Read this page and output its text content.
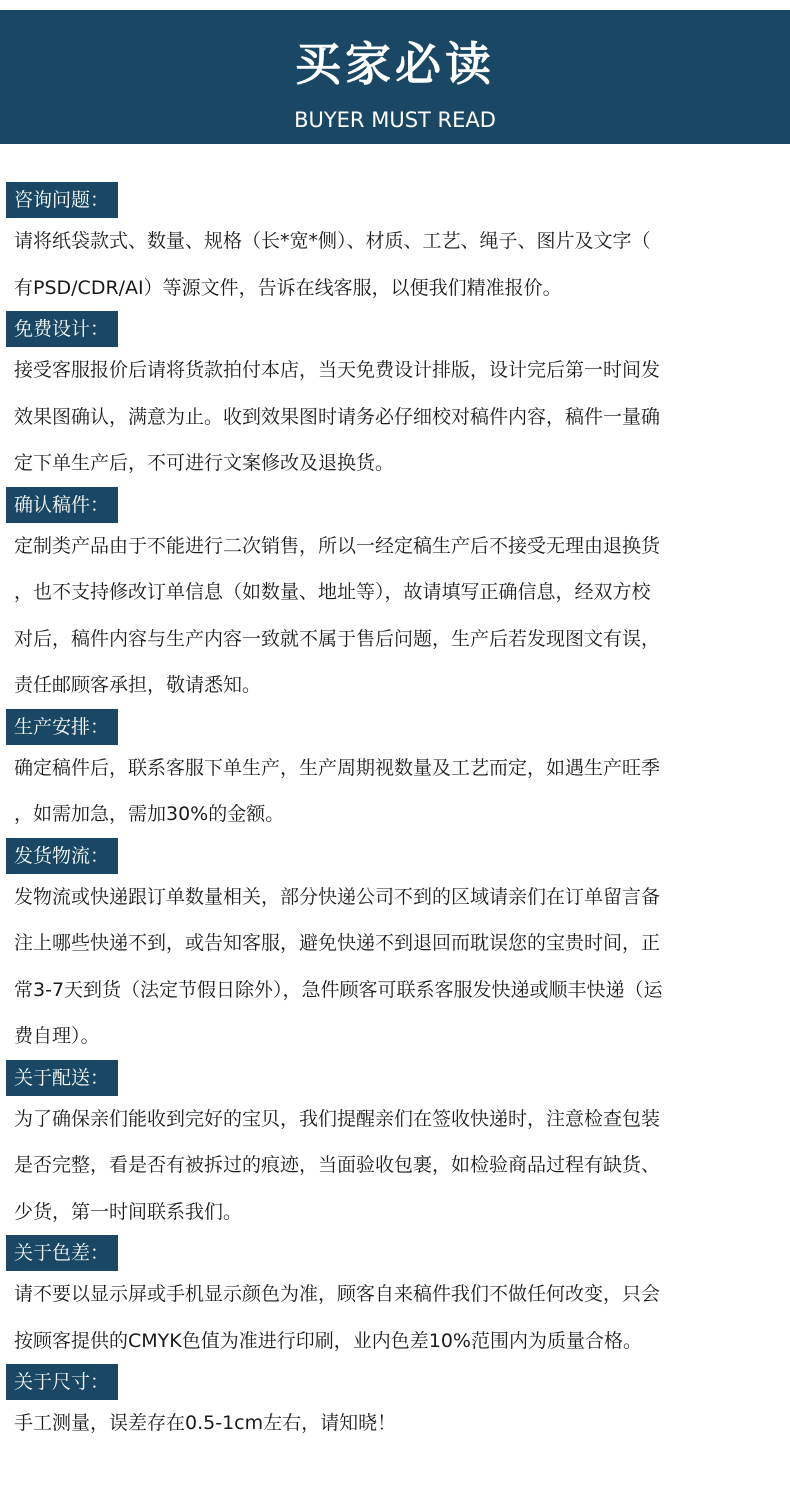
买家必读
BUYER MUST READ
咨询问题：
请将纸袋款式、数量、规格（长*宽*侧）、材质、工艺、绳子、图片及文字（
有PSD/CDR/AI）等源文件，告诉在线客服，以便我们精准报价。
免费设计：
接受客服报价后请将货款拍付本店，当天免费设计排版，设计完后第一时间发
效果图确认，满意为止。收到效果图时请务必仔细校对稿件内容，稿件一量确
定下单生产后，不可进行文案修改及退换货。
确认稿件：
定制类产品由于不能进行二次销售，所以一经定稿生产后不接受无理由退换货
，也不支持修改订单信息（如数量、地址等），故请填写正确信息，经双方校
对后，稿件内容与生产内容一致就不属于售后问题，生产后若发现图文有误，
责任邮顾客承担，敬请悉知。
生产安排：
确定稿件后，联系客服下单生产，生产周期视数量及工艺而定，如遇生产旺季
，如需加急，需加30%的金额。
发货物流：
发物流或快递跟订单数量相关，部分快递公司不到的区域请亲们在订单留言备
注上哪些快递不到，或告知客服，避免快递不到退回而耽误您的宝贵时间，正
常3-7天到货（法定节假日除外），急件顾客可联系客服发快递或顺丰快递（运
费自理）。
关于配送：
为了确保亲们能收到完好的宝贝，我们提醒亲们在签收快递时，注意检查包装
是否完整，看是否有被拆过的痕迹，当面验收包裹，如检验商品过程有缺货、
少货，第一时间联系我们。
关于色差：
请不要以显示屏或手机显示颜色为准，顾客自来稿件我们不做任何改变，只会
按顾客提供的CMYK色值为准进行印刷，业内色差10%范围内为质量合格。
关于尺寸：
手工测量，误差存在0.5-1cm左右，请知晓！
